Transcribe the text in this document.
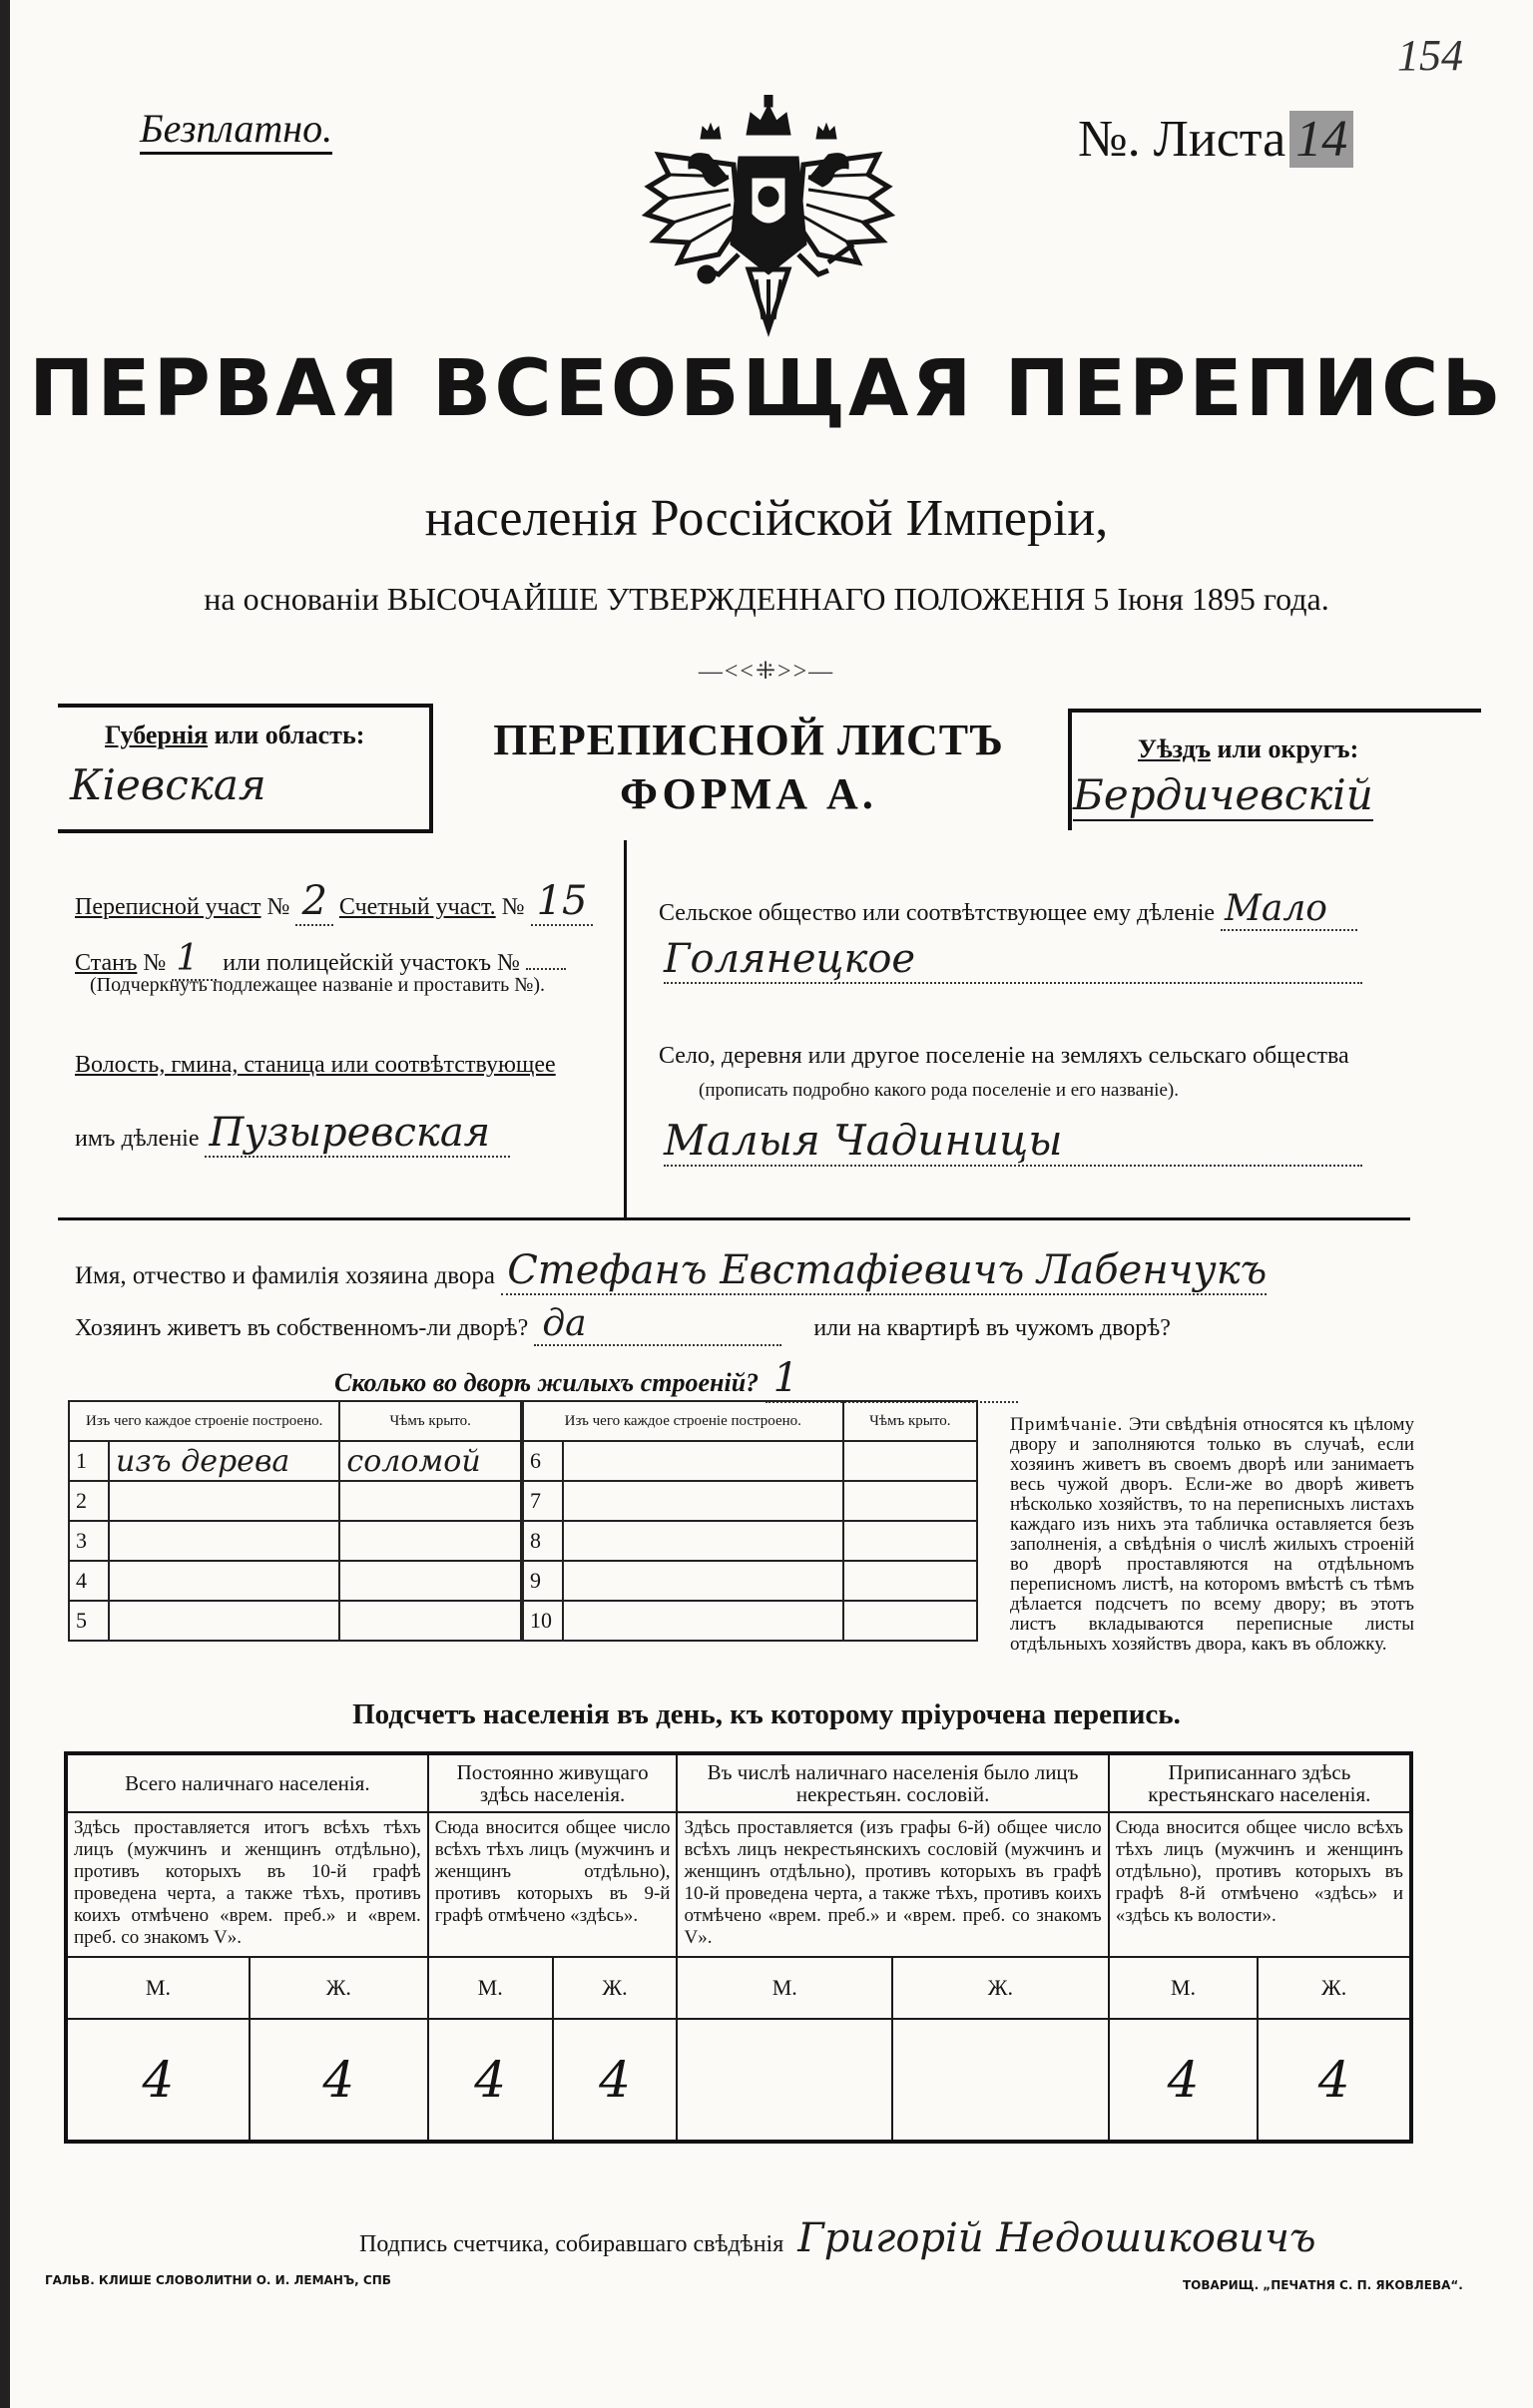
154
Безплатно.	№. Листа 14
ПЕРВАЯ ВСЕОБЩАЯ ПЕРЕПИСЬ
населенія Россійской Имперіи,
на основаніи ВЫСОЧАЙШЕ УТВЕРЖДЕННАГО ПОЛОЖЕНІЯ 5 Іюня 1895 года.
—<<⁜>>—
Губернія или область:
Кіевская
ПЕРЕПИСНОЙ ЛИСТЪ
ФОРМА А.
Уѣздъ или округъ:
Бердичевскій
Переписной участ № 2 Счетный участ. № 15
Станъ № 1 или полицейскій участокъ №
(Подчеркнуть подлежащее названіе и проставить №).
Волость, гмина, станица или соотвѣтствующее
имъ дѣленіе Пузыревская
Сельское общество или соотвѣтствующее ему дѣленіе Мало
Голянецкое
Село, деревня или другое поселеніе на земляхъ сельскаго общества
(прописать подробно какого рода поселеніе и его названіе).
Малыя Чадиницы
Имя, отчество и фамилія хозяина двора Стефанъ Евстафіевичъ Лабенчукъ
Хозяинъ живетъ въ собственномъ-ли дворѣ? да	или на квартирѣ въ чужомъ дворѣ?
Сколько во дворѣ жилыхъ строеній? 1
Изъ чего каждое строеніе построено.		Чѣмъ крыто.
1	изъ дерева	соломой
2		
3		
4		
5		
Изъ чего каждое строеніе построено.		Чѣмъ крыто.
6		
7		
8		
9		
10		
Примѣчаніе. Эти свѣдѣнія относятся къ цѣлому двору и заполняются только въ случаѣ, если хозяинъ живетъ въ своемъ дворѣ или занимаетъ весь чужой дворъ. Если-же во дворѣ живетъ нѣсколько хозяйствъ, то на переписныхъ листахъ каждаго изъ нихъ эта табличка оставляется безъ заполненія, а свѣдѣнія о числѣ жилыхъ строеній во дворѣ проставляются на отдѣльномъ переписномъ листѣ, на которомъ вмѣстѣ съ тѣмъ дѣлается подсчетъ по всему двору; въ этотъ листъ вкладываются переписные листы отдѣльныхъ хозяйствъ двора, какъ въ обложку.
Подсчетъ населенія въ день, къ которому пріурочена перепись.
Всего наличнаго населенія.		Постоянно живущаго здѣсь населенія.		Въ числѣ наличнаго населенія было лицъ некрестьян. сословій.		Приписаннаго здѣсь крестьянскаго населенія.	
Здѣсь проставляется итогъ всѣхъ тѣхъ лицъ (мужчинъ и женщинъ отдѣльно), противъ которыхъ въ 10-й графѣ проведена черта, а также тѣхъ, противъ коихъ отмѣчено «врем. преб.» и «врем. преб. со знакомъ V».		Сюда вносится общее число всѣхъ тѣхъ лицъ (мужчинъ и женщинъ отдѣльно), противъ которыхъ въ 9-й графѣ отмѣчено «здѣсь».		Здѣсь проставляется (изъ графы 6-й) общее число всѣхъ лицъ некрестьянскихъ сословій (мужчинъ и женщинъ отдѣльно), противъ которыхъ въ графѣ 10-й проведена черта, а также тѣхъ, противъ коихъ отмѣчено «врем. преб.» и «врем. преб. со знакомъ V».		Сюда вносится общее число всѣхъ тѣхъ лицъ (мужчинъ и женщинъ отдѣльно), противъ которыхъ въ графѣ 8-й отмѣчено «здѣсь» и «здѣсь къ волости».	
М.	Ж.	М.	Ж.	М.	Ж.	М.	Ж.
4	4	4	4			4	4
Подпись счетчика, собиравшаго свѣдѣнія Григорій Недошиковичъ
ГАЛЬВ. КЛИШЕ СЛОВОЛИТНИ О. И. ЛЕМАНЪ, СПБ	ТОВАРИЩ. „ПЕЧАТНЯ С. П. ЯКОВЛЕВА“.
